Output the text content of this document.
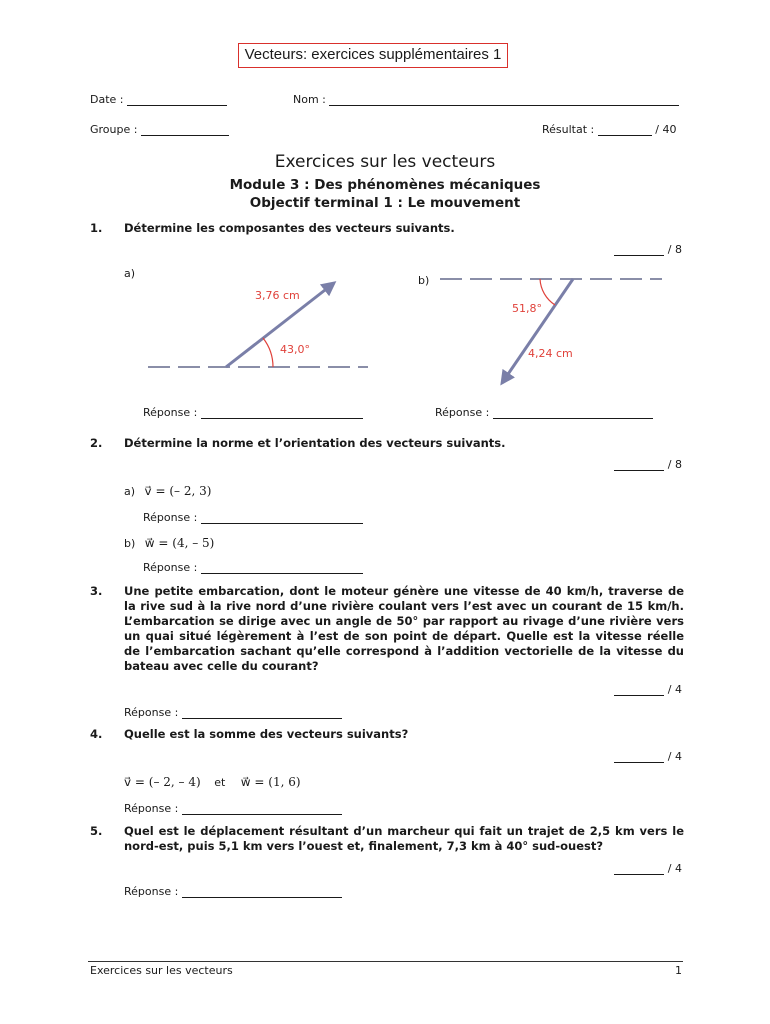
Vecteurs: exercices supplémentaires 1
Date :	Nom :
Groupe :	Résultat :	/ 40
Exercices sur les vecteurs
Module 3 : Des phénomènes mécaniques
Objectif terminal 1 : Le mouvement
1. Détermine les composantes des vecteurs suivants.
/ 8
a)
b)
3,76 cm
43,0°
51,8°
4,24 cm
Réponse :	Réponse :
2. Détermine la norme et l’orientation des vecteurs suivants.
/ 8
a) v⃗ = (– 2, 3)
Réponse :
b) w⃗ = (4, – 5)
Réponse :
3. Une petite embarcation, dont le moteur génère une vitesse de 40 km/h, traverse de la rive sud à la rive nord d’une rivière coulant vers l’est avec un courant de 15 km/h. L’embarcation se dirige avec un angle de 50° par rapport au rivage d’une rivière vers un quai situé légèrement à l’est de son point de départ. Quelle est la vitesse réelle de l’embarcation sachant qu’elle correspond à l’addition vectorielle de la vitesse du bateau avec celle du courant?
/ 4
Réponse :
4. Quelle est la somme des vecteurs suivants?
/ 4
v⃗ = (– 2, – 4) et w⃗ = (1, 6)
Réponse :
5. Quel est le déplacement résultant d’un marcheur qui fait un trajet de 2,5 km vers le nord-est, puis 5,1 km vers l’ouest et, finalement, 7,3 km à 40° sud-ouest?
/ 4
Réponse :
Exercices sur les vecteurs	1
